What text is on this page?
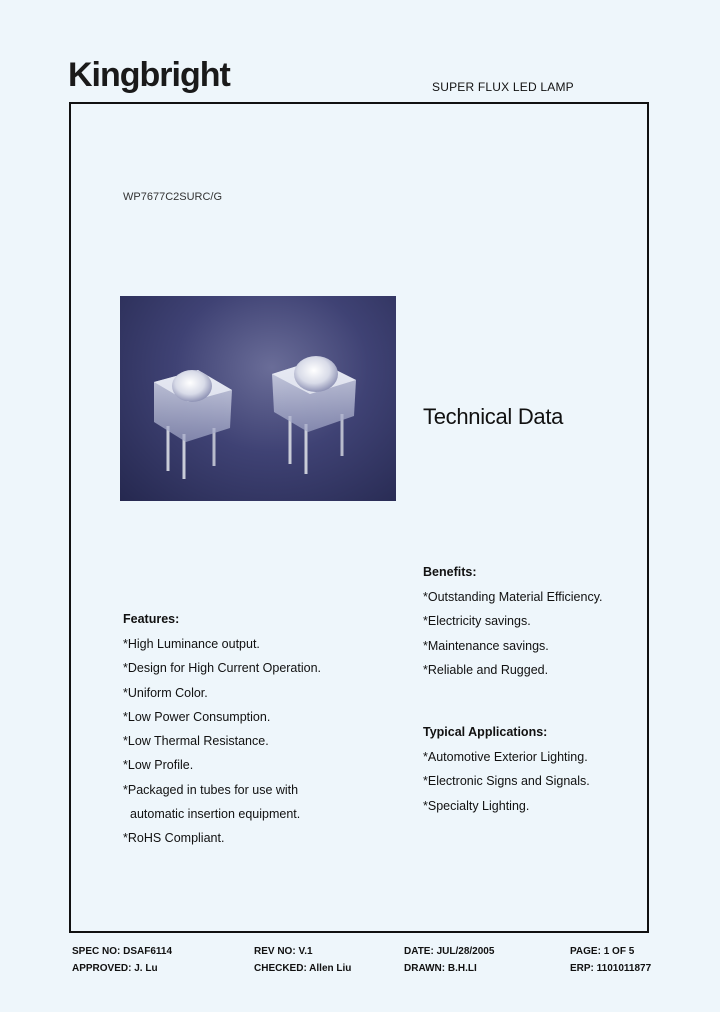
Kingbright	SUPER FLUX LED LAMP
WP7677C2SURC/G
Technical Data
Benefits:
*Outstanding Material Efficiency.
*Electricity savings.
*Maintenance savings.
*Reliable and Rugged.
Typical Applications:
*Automotive Exterior Lighting.
*Electronic Signs and Signals.
*Specialty Lighting.
Features:
*High Luminance output.
*Design for High Current Operation.
*Uniform Color.
*Low Power Consumption.
*Low Thermal Resistance.
*Low Profile.
*Packaged in tubes for use with
automatic insertion equipment.
*RoHS Compliant.
SPEC NO: DSAF6114	REV NO: V.1	DATE: JUL/28/2005	PAGE: 1 OF 5
APPROVED: J. Lu	CHECKED: Allen Liu	DRAWN: B.H.LI	ERP: 1101011877
